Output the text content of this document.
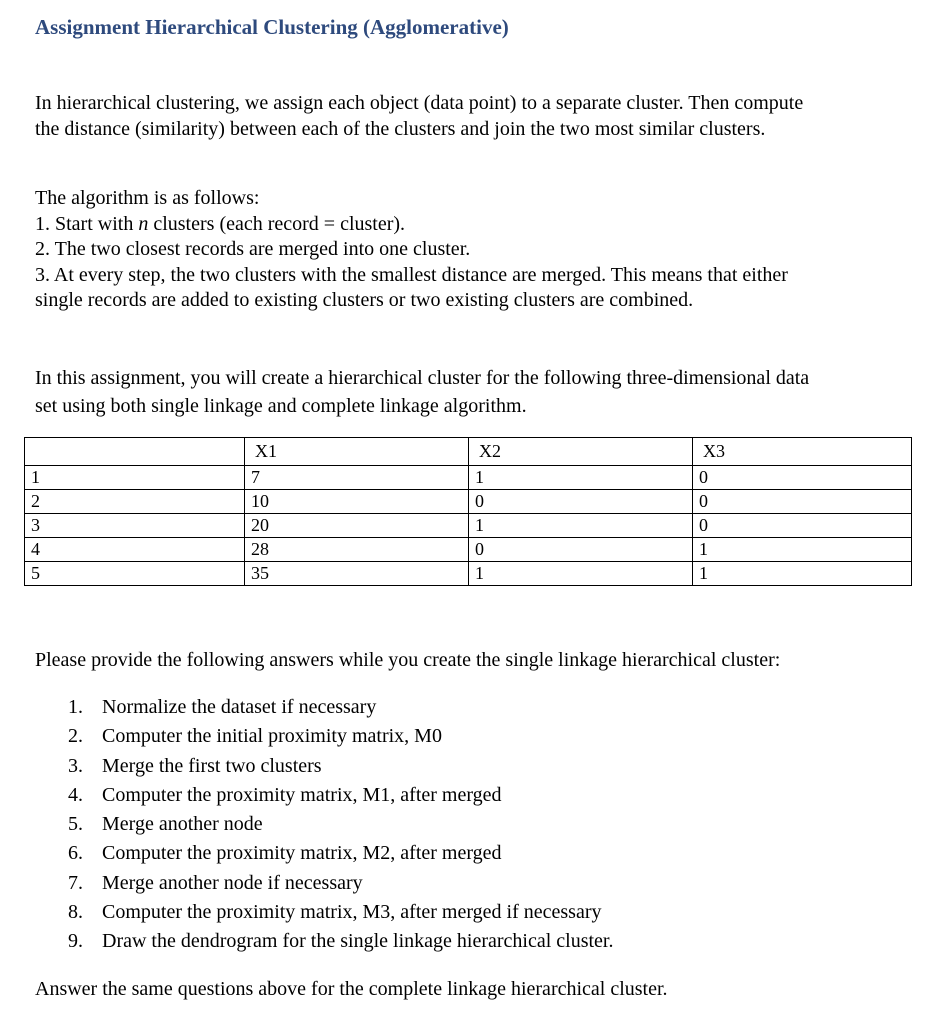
Assignment Hierarchical Clustering (Agglomerative)
In hierarchical clustering, we assign each object (data point) to a separate cluster. Then compute
the distance (similarity) between each of the clusters and join the two most similar clusters.
The algorithm is as follows:
1. Start with n clusters (each record = cluster).
2. The two closest records are merged into one cluster.
3. At every step, the two clusters with the smallest distance are merged. This means that either
single records are added to existing clusters or two existing clusters are combined.
In this assignment, you will create a hierarchical cluster for the following three-dimensional data
set using both single linkage and complete linkage algorithm.
	X1	X2	X3
1	7	1	0
2	10	0	0
3	20	1	0
4	28	0	1
5	35	1	1
Please provide the following answers while you create the single linkage hierarchical cluster:
1. Normalize the dataset if necessary
2. Computer the initial proximity matrix, M0
3. Merge the first two clusters
4. Computer the proximity matrix, M1, after merged
5. Merge another node
6. Computer the proximity matrix, M2, after merged
7. Merge another node if necessary
8. Computer the proximity matrix, M3, after merged if necessary
9. Draw the dendrogram for the single linkage hierarchical cluster.
Answer the same questions above for the complete linkage hierarchical cluster.
